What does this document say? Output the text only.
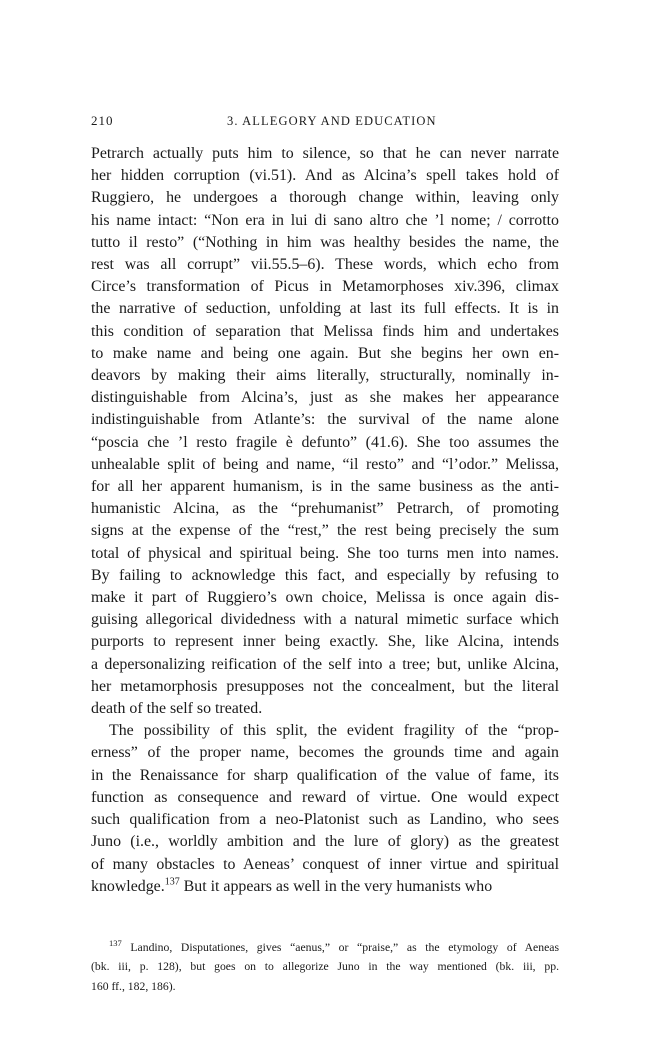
210	3. ALLEGORY AND EDUCATION
Petrarch actually puts him to silence, so that he can never narrate
her hidden corruption (vi.51). And as Alcina’s spell takes hold of
Ruggiero, he undergoes a thorough change within, leaving only
his name intact: “Non era in lui di sano altro che ’l nome; / corrotto
tutto il resto” (“Nothing in him was healthy besides the name, the
rest was all corrupt” vii.55.5–6). These words, which echo from
Circe’s transformation of Picus in Metamorphoses xiv.396, climax
the narrative of seduction, unfolding at last its full effects. It is in
this condition of separation that Melissa finds him and undertakes
to make name and being one again. But she begins her own en-
deavors by making their aims literally, structurally, nominally in-
distinguishable from Alcina’s, just as she makes her appearance
indistinguishable from Atlante’s: the survival of the name alone
“poscia che ’l resto fragile è defunto” (41.6). She too assumes the
unhealable split of being and name, “il resto” and “l’odor.” Melissa,
for all her apparent humanism, is in the same business as the anti-
humanistic Alcina, as the “prehumanist” Petrarch, of promoting
signs at the expense of the “rest,” the rest being precisely the sum
total of physical and spiritual being. She too turns men into names.
By failing to acknowledge this fact, and especially by refusing to
make it part of Ruggiero’s own choice, Melissa is once again dis-
guising allegorical dividedness with a natural mimetic surface which
purports to represent inner being exactly. She, like Alcina, intends
a depersonalizing reification of the self into a tree; but, unlike Alcina,
her metamorphosis presupposes not the concealment, but the literal
death of the self so treated.
The possibility of this split, the evident fragility of the “prop-
erness” of the proper name, becomes the grounds time and again
in the Renaissance for sharp qualification of the value of fame, its
function as consequence and reward of virtue. One would expect
such qualification from a neo-Platonist such as Landino, who sees
Juno (i.e., worldly ambition and the lure of glory) as the greatest
of many obstacles to Aeneas’ conquest of inner virtue and spiritual
knowledge.$^{137}$ But it appears as well in the very humanists who
$^{137}$ Landino, Disputationes, gives “aenus,” or “praise,” as the etymology of Aeneas
(bk. iii, p. 128), but goes on to allegorize Juno in the way mentioned (bk. iii, pp.
160 ff., 182, 186).
